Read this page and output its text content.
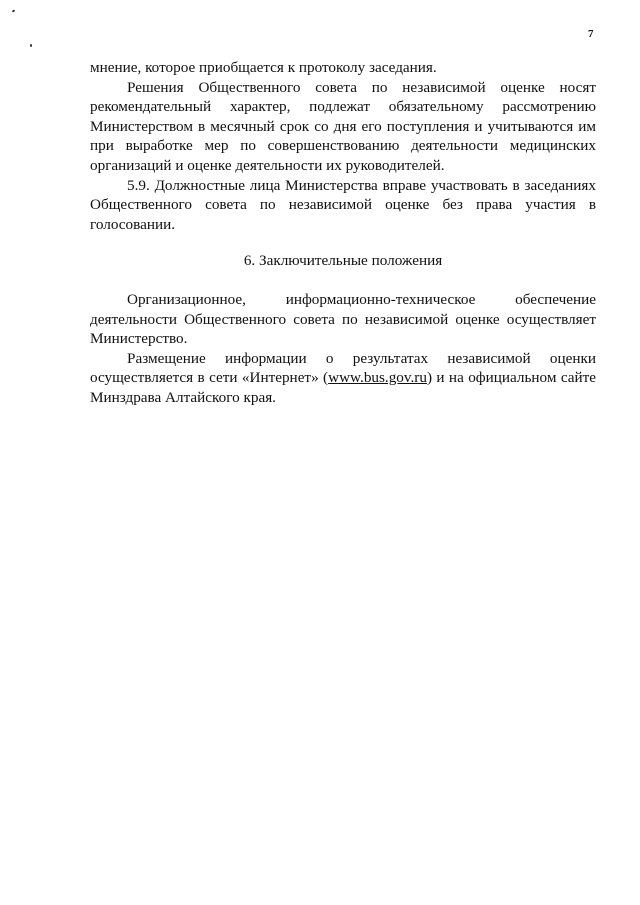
7

мнение, которое приобщается к протоколу заседания.

Решения Общественного совета по независимой оценке носят рекомендательный характер, подлежат обязательному рассмотрению Министерством в месячный срок со дня его поступления и учитываются им при выработке мер по совершенствованию деятельности медицинских организаций и оценке деятельности их руководителей.

5.9. Должностные лица Министерства вправе участвовать в заседаниях Общественного совета по независимой оценке без права участия в голосовании.

6. Заключительные положения

Организационное, информационно-техническое обеспечение

деятельности Общественного совета по независимой оценке осуществляет Министерство.

Размещение информации о результатах независимой оценки

осуществляется в сети «Интернет» (www.bus.gov.ru) и на официальном сайте Минздрава Алтайского края.
